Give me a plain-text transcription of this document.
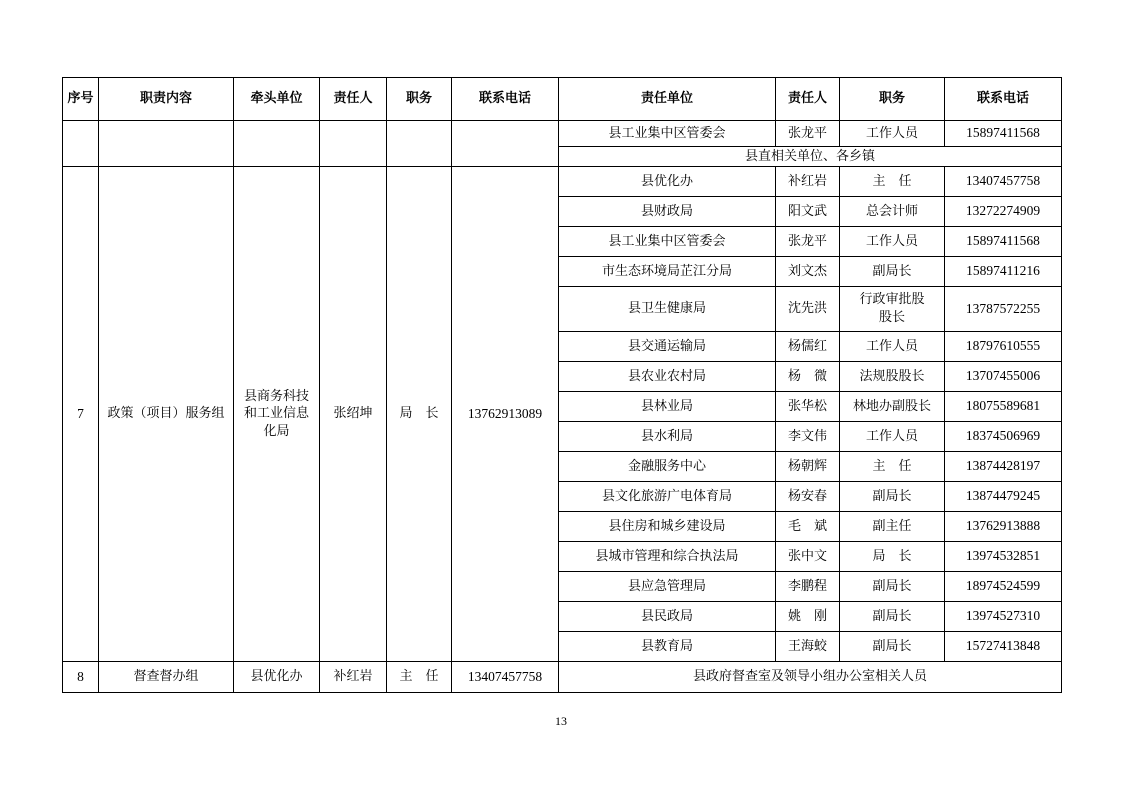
序号	职责内容	牵头单位	责任人	职务	联系电话	责任单位	责任人	职务	联系电话
						县工业集中区管委会	张龙平	工作人员	15897411568
						县直相关单位、各乡镇			
7	政策（项目）服务组	县商务科技和工业信息化局	张绍坤	局　长	13762913089	县优化办	补红岩	主　任	13407457758
						县财政局	阳文武	总会计师	13272274909
						县工业集中区管委会	张龙平	工作人员	15897411568
						市生态环境局芷江分局	刘文杰	副局长	15897411216
						县卫生健康局	沈先洪	行政审批股股长	13787572255
						县交通运输局	杨儒红	工作人员	18797610555
						县农业农村局	杨　微	法规股股长	13707455006
						县林业局	张华松	林地办副股长	18075589681
						县水利局	李文伟	工作人员	18374506969
						金融服务中心	杨朝辉	主　任	13874428197
						县文化旅游广电体育局	杨安春	副局长	13874479245
						县住房和城乡建设局	毛　斌	副主任	13762913888
						县城市管理和综合执法局	张中文	局　长	13974532851
						县应急管理局	李鹏程	副局长	18974524599
						县民政局	姚　刚	副局长	13974527310
						县教育局	王海蛟	副局长	15727413848
8	督查督办组	县优化办	补红岩	主　任	13407457758	县政府督查室及领导小组办公室相关人员			
13
